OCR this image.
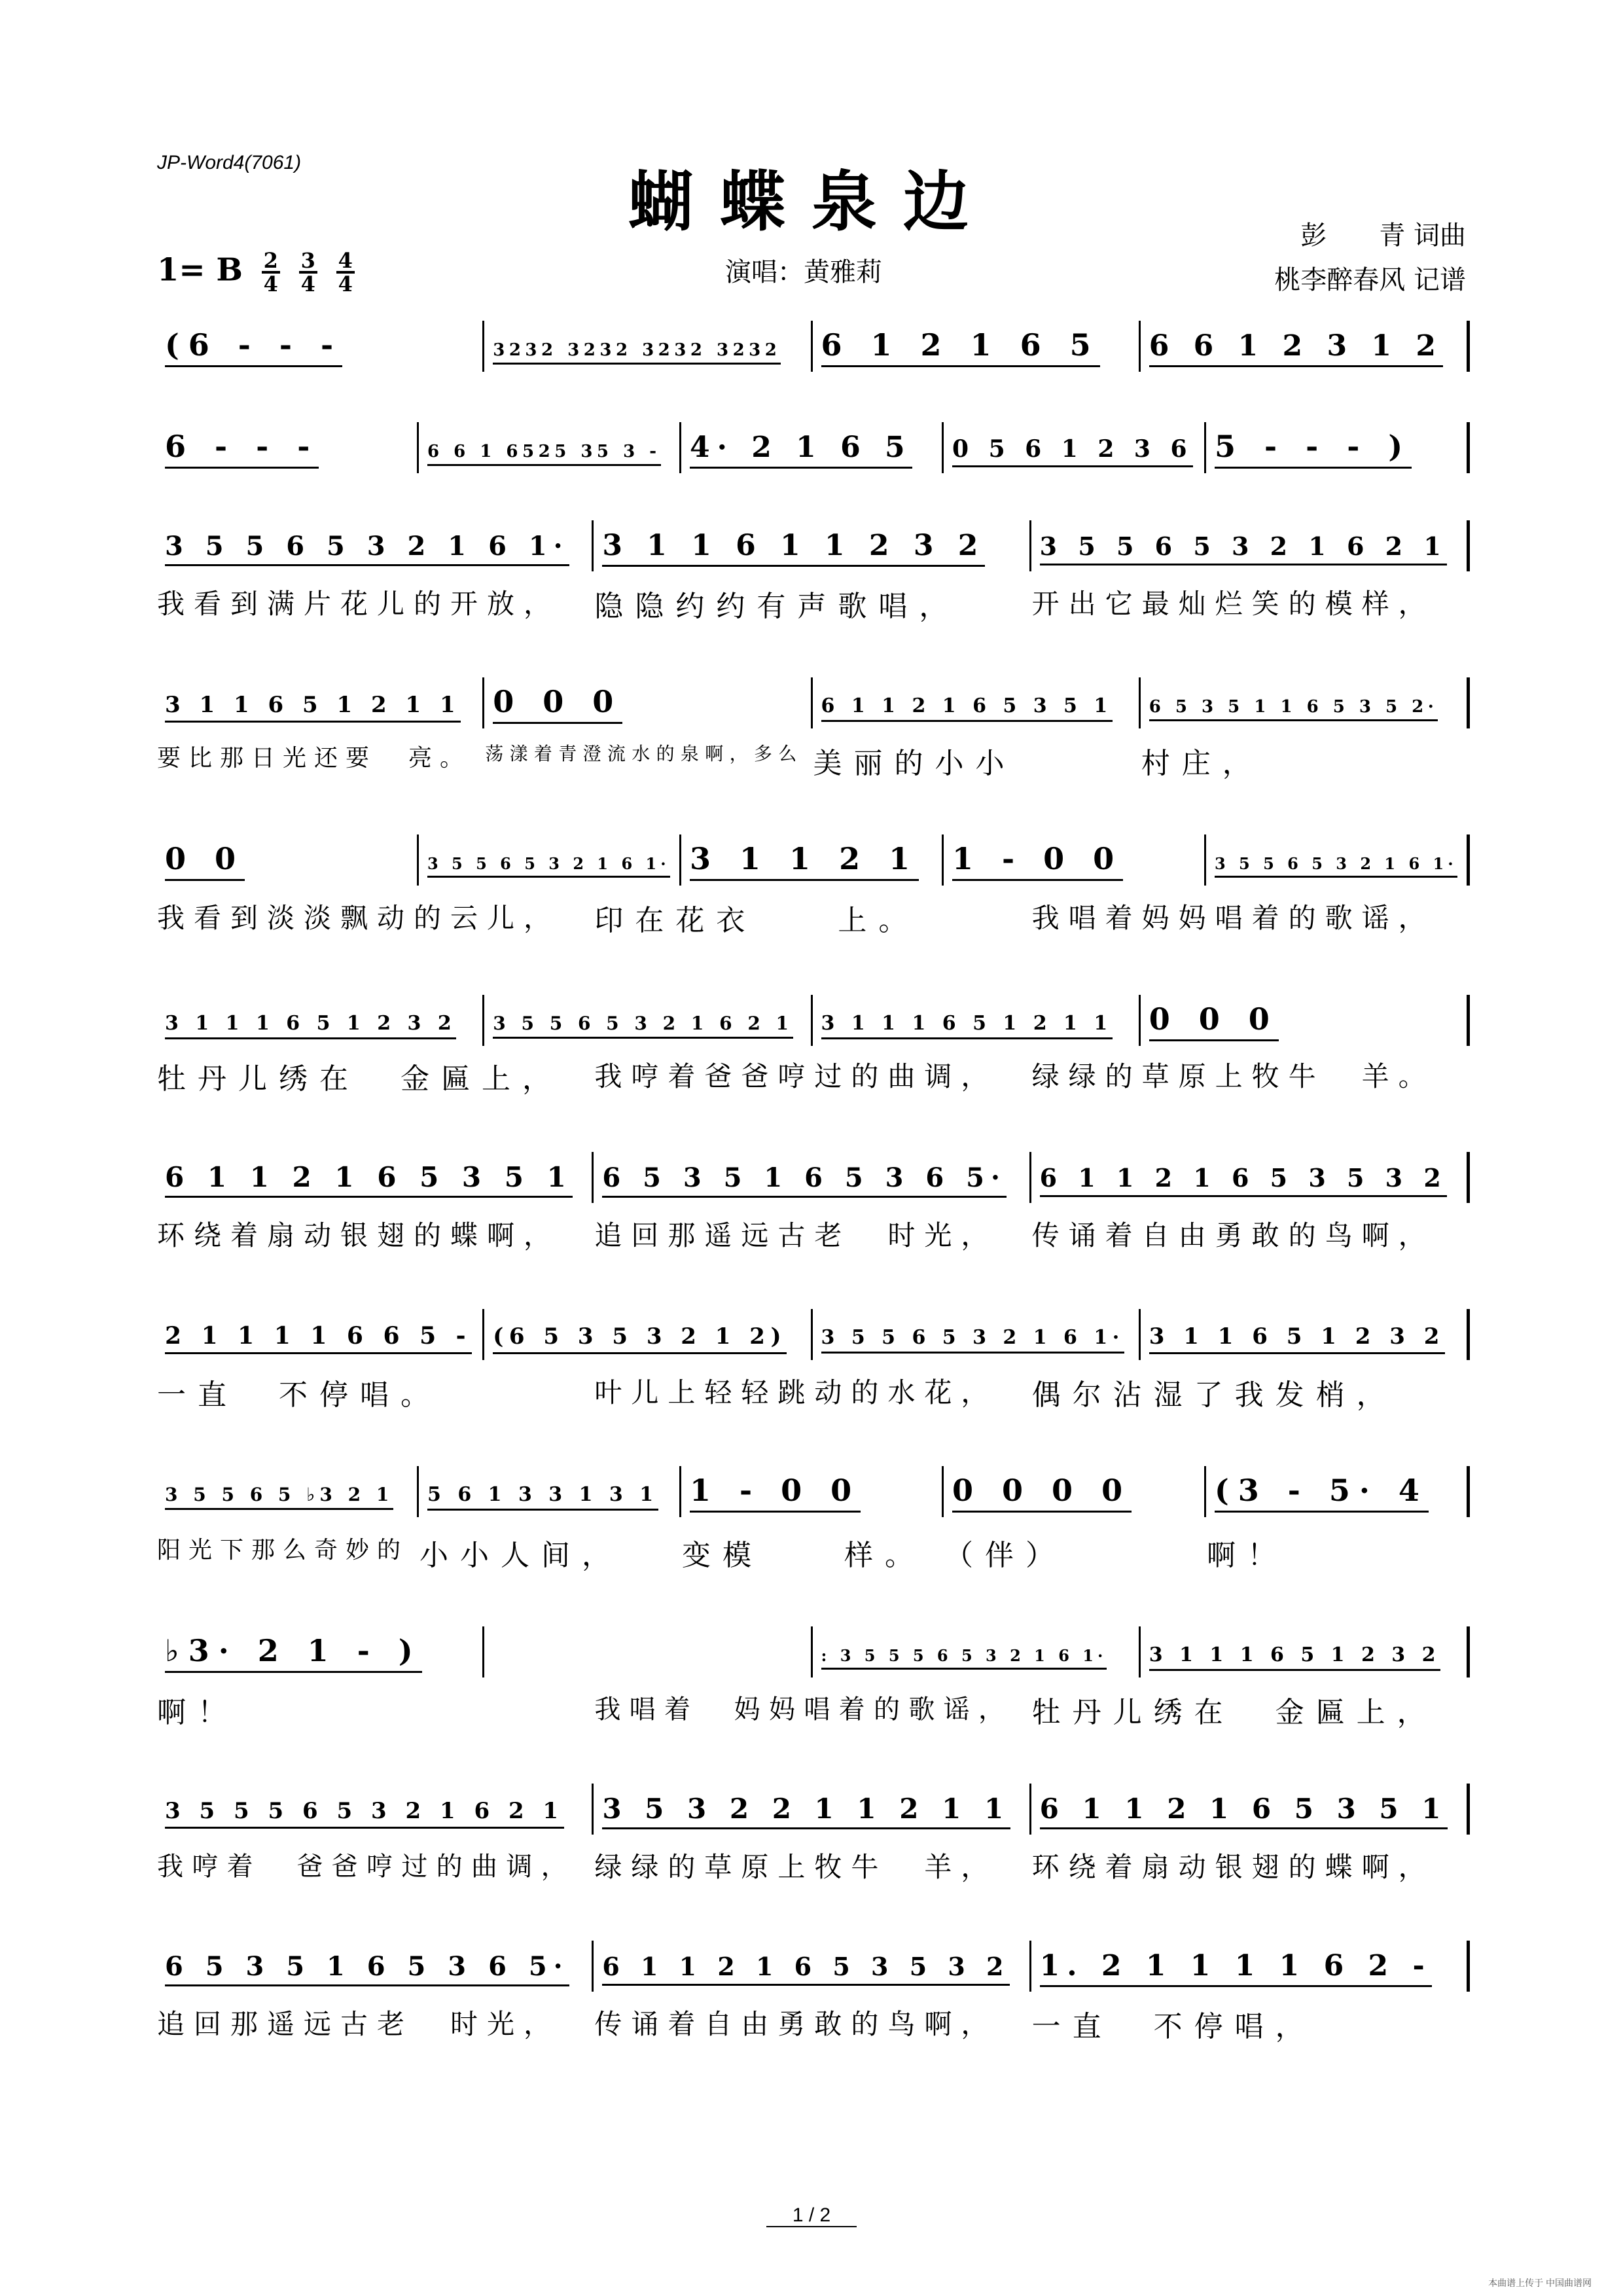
JP-Word4(7061)
蝴蝶泉边	彭　　青 词曲
桃李醉春风 记谱
演唱：黄雅莉
1= B $\frac{2}{4}$
$\frac{3}{4}$
$\frac{4}{4}$
(6 - - -	3232 3232 3232 3232 6 1 2 1 6 5 6 6 1 2 3 1 2
6 - - -	6 6 1 6525 35 3 - 4· 2 1 6 5 0 5 6 1 2 3 6 5 - - - )
3 5 5 6 5 3 2 1 6 1· 3 1 1 6 1 1 2 3 2 3 5 5 6 5 3 2 1 6 2 1
3 1 1 6 5 1 2 1 1 0 0 0	6 1 1 2 1 6 5 3 5 1 6 5 3 5 1 1 6 5 3 5 2·
0 0	3 5 5 6 5 3 2 1 6 1· 3 1 1 2 1 1 - 0 0	3 5 5 6 5 3 2 1 6 1·
3 1 1 1 6 5 1 2 3 2 3 5 5 6 5 3 2 1 6 2 1 3 1 1 1 6 5 1 2 1 1 0 0 0
6 1 1 2 1 6 5 3 5 1 6 5 3 5 1 6 5 3 6 5· 6 1 1 2 1 6 5 3 5 3 2
2 1 1 1 1 6 6 5 - (6 5 3 5 3 2 1 2) 3 5 5 6 5 3 2 1 6 1· 3 1 1 6 5 1 2 3 2
3 5 5 6 5 ♭3 2 1 5 6 1 3 3 1 3 1 1 - 0 0	0 0 0 0	(3 - 5· 4
♭3· 2 1 - )	: 3 5 5 5 6 5 3 2 1 6 1· 3 1 1 1 6 5 1 2 3 2
3 5 5 5 6 5 3 2 1 6 2 1 3 5 3 2 2 1 1 2 1 1 6 1 1 2 1 6 5 3 5 1
6 5 3 5 1 6 5 3 6 5· 6 1 1 2 1 6 5 3 5 3 2 1. 2 1 1 1 1 6 2 -
我看到满片花儿的开放， 隐隐约约有声歌唱，	开出它最灿烂笑的模样，
要比那日光还要　亮。 荡漾着青澄流水的泉啊，多么 美丽的小小	村庄，
我看到淡淡飘动的云儿， 印在花衣　　上。	我唱着妈妈唱着的歌谣，
牡丹儿绣在　金匾上， 我哼着爸爸哼过的曲调， 绿绿的草原上牧牛　羊。
环绕着扇动银翅的蝶啊， 追回那遥远古老　时光， 传诵着自由勇敢的鸟啊，
一直　不停唱。	叶儿上轻轻跳动的水花， 偶尔沾湿了我发梢，
阳光下那么奇妙的 小小人间， 变模　　样。 （伴）	啊！
啊！	我唱着　妈妈唱着的歌谣， 牡丹儿绣在　金匾上，
我哼着　爸爸哼过的曲调， 绿绿的草原上牧牛　羊， 环绕着扇动银翅的蝶啊，
追回那遥远古老　时光， 传诵着自由勇敢的鸟啊， 一直　不停唱，
1 / 2
本曲谱上传于 中国曲谱网
